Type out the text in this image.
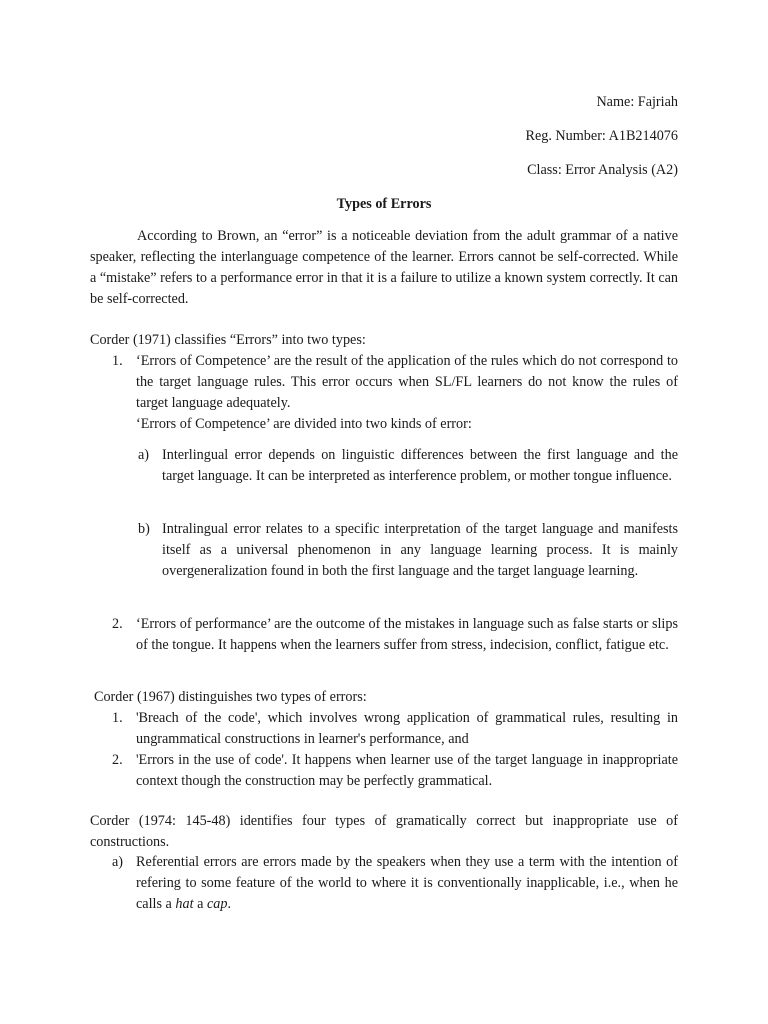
Name: Fajriah
Reg. Number: A1B214076
Class: Error Analysis (A2)
Types of Errors

According to Brown, an “error” is a noticeable deviation from the adult grammar of a native speaker, reflecting the interlanguage competence of the learner. Errors cannot be self-corrected. While a “mistake” refers to a performance error in that it is a failure to utilize a known system correctly. It can be self-corrected.

Corder (1971) classifies “Errors” into two types:
1. ‘Errors of Competence’ are the result of the application of the rules which do not correspond to the target language rules. This error occurs when SL/FL learners do not know the rules of target language adequately.

‘Errors of Competence’ are divided into two kinds of error:
a) Interlingual error depends on linguistic differences between the first language and the target language. It can be interpreted as interference problem, or mother tongue influence.

b) Intralingual error relates to a specific interpretation of the target language and manifests itself as a universal phenomenon in any language learning process. It is mainly overgeneralization found in both the first language and the target language learning.

2. ‘Errors of performance’ are the outcome of the mistakes in language such as false starts or slips of the tongue. It happens when the learners suffer from stress, indecision, conflict, fatigue etc.

Corder (1967) distinguishes two types of errors:
1. 'Breach of the code', which involves wrong application of grammatical rules, resulting in ungrammatical constructions in learner's performance, and

2. 'Errors in the use of code'. It happens when learner use of the target language in inappropriate context though the construction may be perfectly grammatical.

Corder (1974: 145-48) identifies four types of gramatically correct but inappropriate use of constructions.

a) Referential errors are errors made by the speakers when they use a term with the intention of refering to some feature of the world to where it is conventionally inapplicable, i.e., when he calls a hat a cap.
